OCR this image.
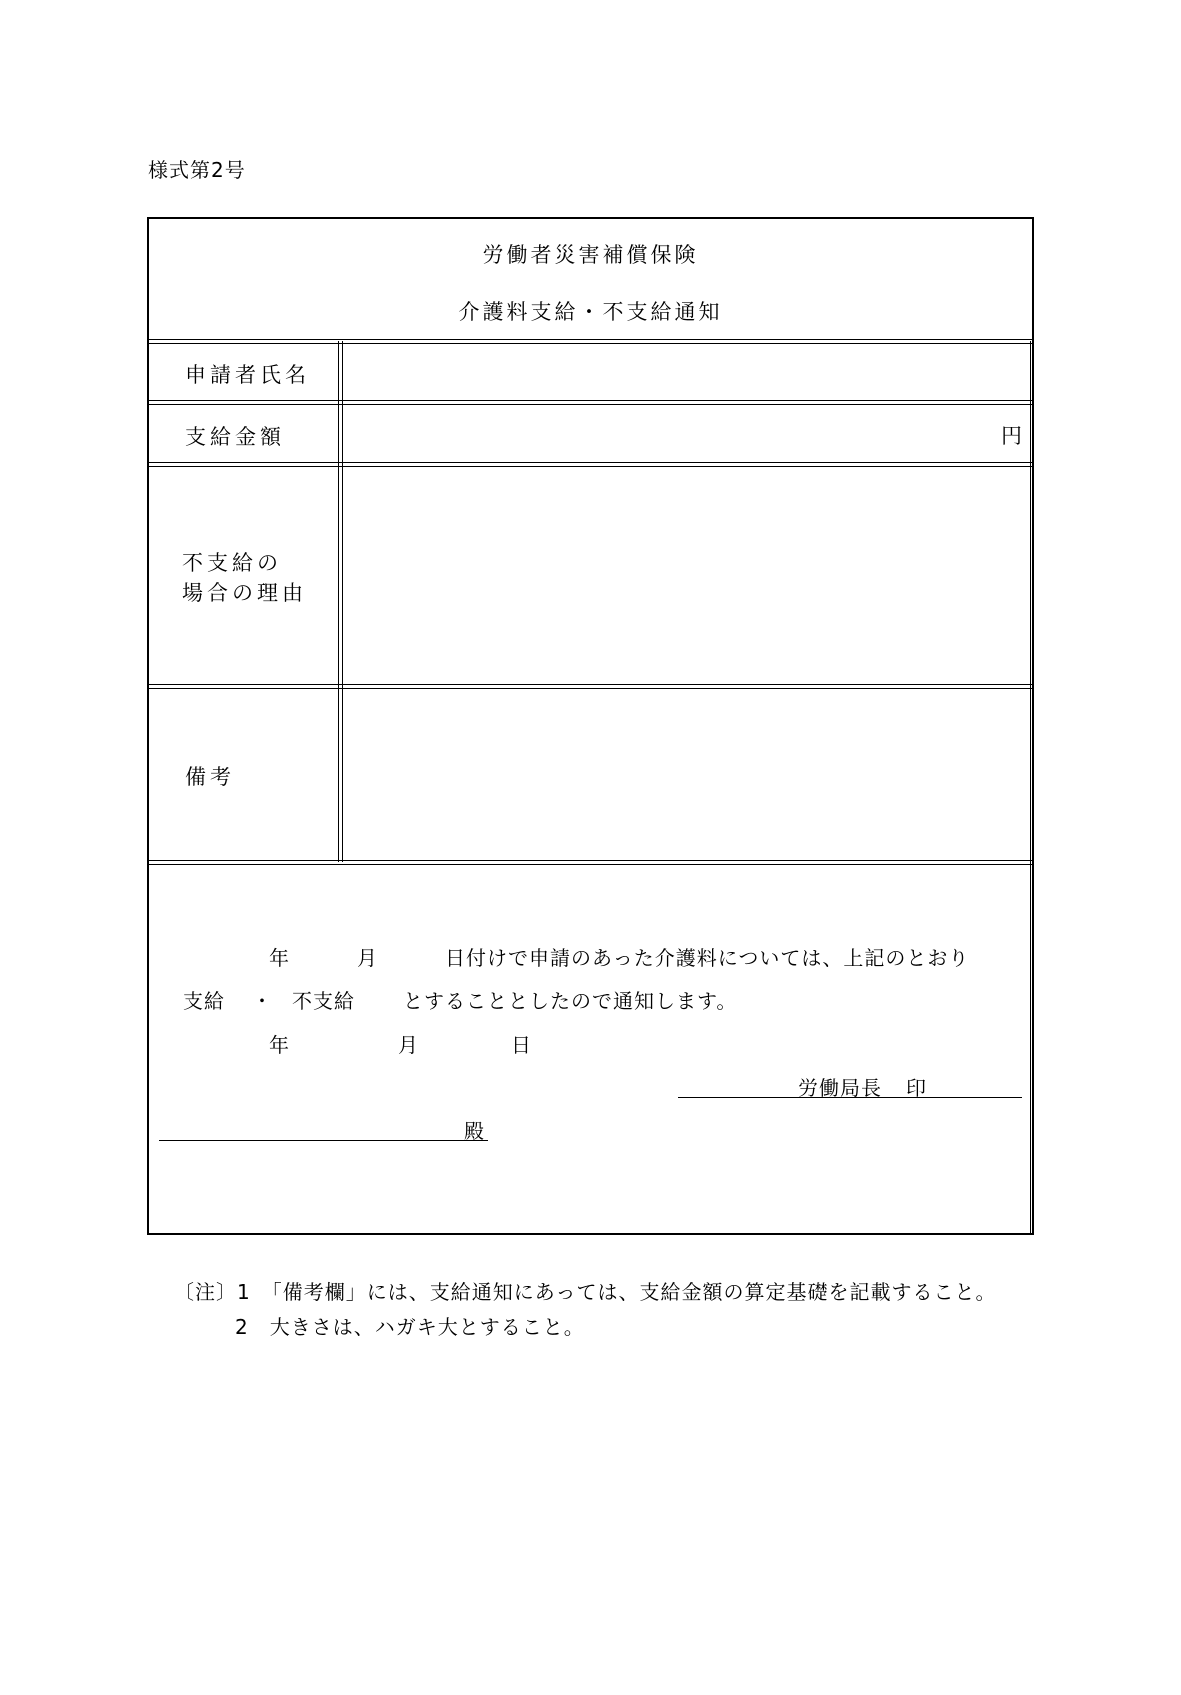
様式第2号
労働者災害補償保険
介護料支給・不支給通知
申請者氏名
支給金額	円
不支給の
場合の理由
備考
年	月	日付けで申請のあった介護料については、上記のとおり
支給 ・ 不支給 とすることとしたので通知します。
年	月	日
労働局長 印
殿
〔注〕1　「備考欄」には、支給通知にあっては、支給金額の算定基礎を記載すること。
2　大きさは、ハガキ大とすること。
